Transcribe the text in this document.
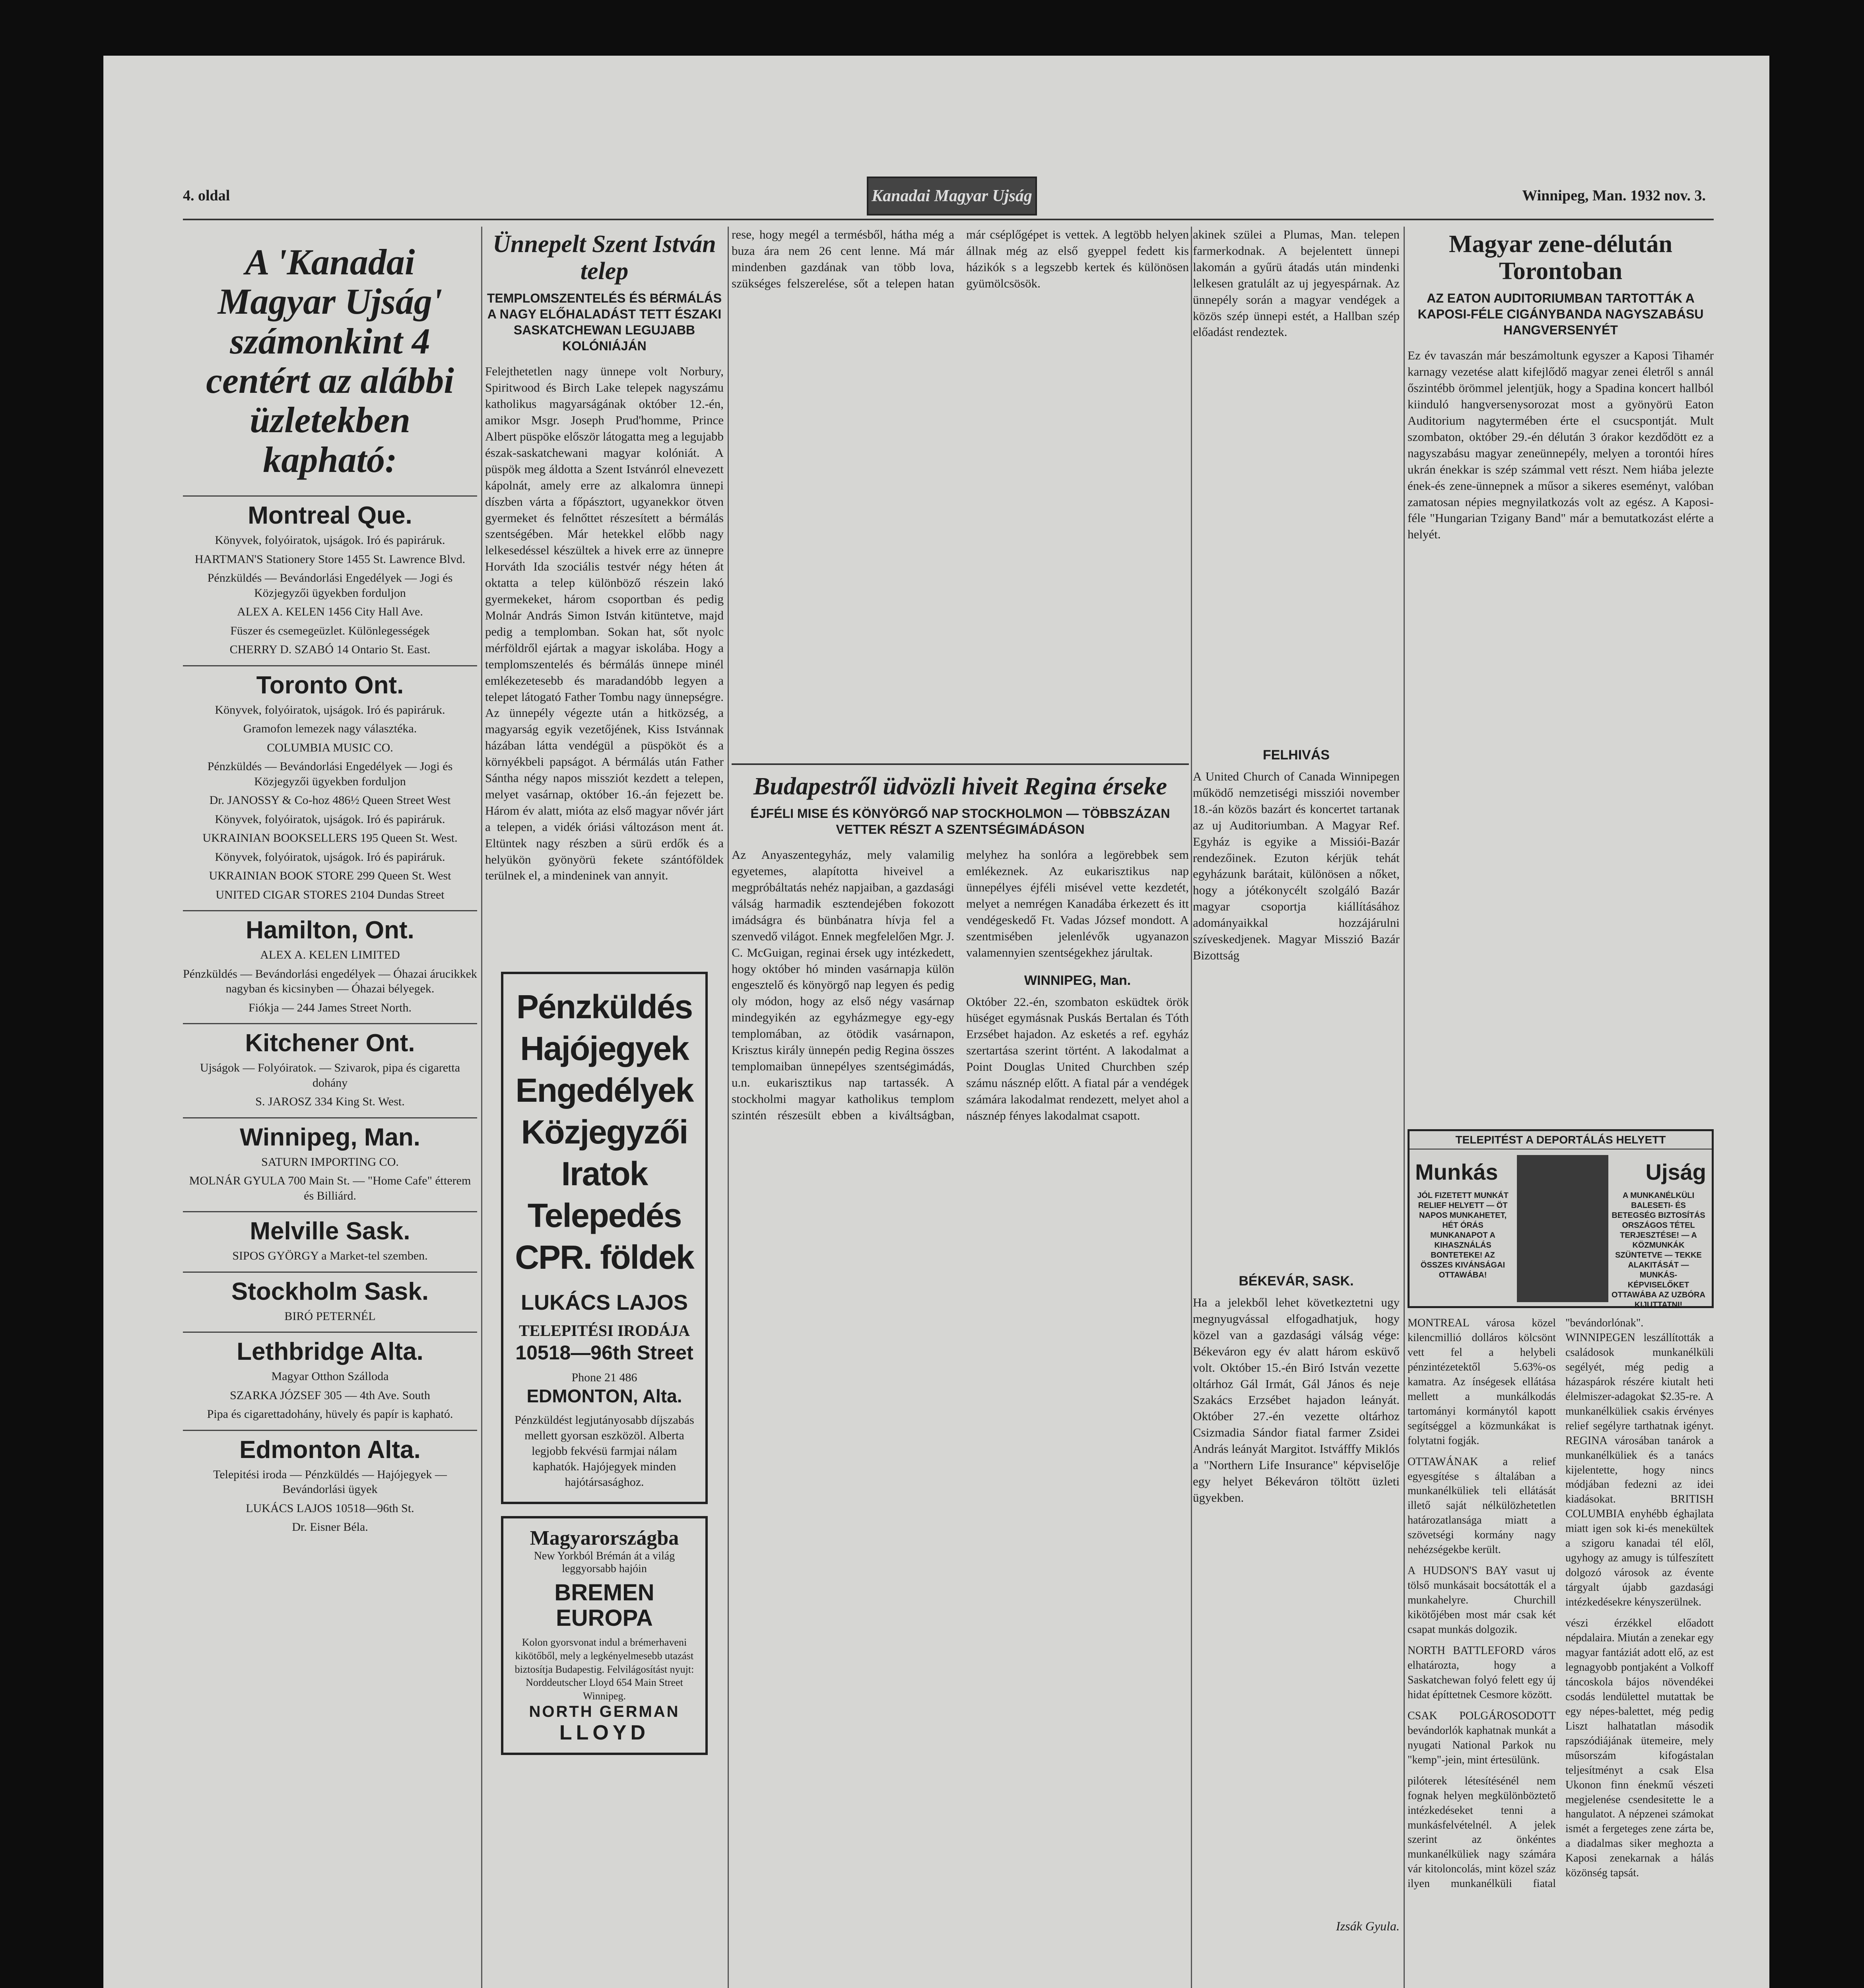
4. oldal	Kanadai Magyar Ujság	Winnipeg, Man. 1932 nov. 3.
A 'Kanadai Magyar Ujság' számonkint 4 centért az alábbi üzletekben kapható:
Montreal Que.
Könyvek, folyóiratok, ujságok. Iró és papiráruk.
HARTMAN'S Stationery Store 1455 St. Lawrence Blvd.
Pénzküldés — Bevándorlási Engedélyek — Jogi és Közjegyzői ügyekben forduljon
ALEX A. KELEN 1456 City Hall Ave.
Füszer és csemegeüzlet. Különlegességek
CHERRY D. SZABÓ 14 Ontario St. East.
Toronto Ont.
Könyvek, folyóiratok, ujságok. Iró és papiráruk.
Gramofon lemezek nagy választéka.
COLUMBIA MUSIC CO.
Pénzküldés — Bevándorlási Engedélyek — Jogi és Közjegyzői ügyekben forduljon
Dr. JANOSSY & Co-hoz 486½ Queen Street West
Könyvek, folyóiratok, ujságok. Iró és papiráruk.
UKRAINIAN BOOKSELLERS 195 Queen St. West.
Könyvek, folyóiratok, ujságok. Iró és papiráruk.
UKRAINIAN BOOK STORE 299 Queen St. West
UNITED CIGAR STORES 2104 Dundas Street
Hamilton, Ont.
ALEX A. KELEN LIMITED
Pénzküldés — Bevándorlási engedélyek — Óhazai árucikkek nagyban és kicsinyben — Óhazai bélyegek.
Fiókja — 244 James Street North.
Kitchener Ont.
Ujságok — Folyóiratok. — Szivarok, pipa és cigaretta dohány
S. JAROSZ 334 King St. West.
Winnipeg, Man.
SATURN IMPORTING CO.
MOLNÁR GYULA 700 Main St. — "Home Cafe" étterem és Billiárd.
Melville Sask.
SIPOS GYÖRGY a Market-tel szemben.
Stockholm Sask.
BIRÓ PETERNÉL
Lethbridge Alta.
Magyar Otthon Szálloda
SZARKA JÓZSEF 305 — 4th Ave. South
Pipa és cigarettadohány, hüvely és papír is kapható.
Edmonton Alta.
Telepitési iroda — Pénzküldés — Hajójegyek — Bevándorlási ügyek
LUKÁCS LAJOS 10518—96th St.
Dr. Eisner Béla.
Ünnepelt Szent István telep
TEMPLOMSZENTELÉS ÉS BÉRMÁLÁS A NAGY ELŐHALADÁST TETT ÉSZAKI SASKATCHEWAN LEGUJABB KOLÓNIÁJÁN
Felejthetetlen nagy ünnepe volt Norbury, Spiritwood és Birch Lake telepek nagyszámu katholikus magyarságának október 12.-én, amikor Msgr. Joseph Prud'homme, Prince Albert püspöke először látogatta meg a legujabb észak-saskatchewani magyar kolóniát. A püspök meg áldotta a Szent Istvánról elnevezett kápolnát, amely erre az alkalomra ünnepi díszben várta a főpásztort, ugyanekkor ötven gyermeket és felnőttet részesített a bérmálás szentségében. Már hetekkel előbb nagy lelkesedéssel készültek a hivek erre az ünnepre Horváth Ida szociális testvér négy héten át oktatta a telep különböző részein lakó gyermekeket, három csoportban és pedig Molnár András Simon István kitüntetve, majd pedig a templomban. Sokan hat, sőt nyolc mérföldről ejártak a magyar iskolába. Hogy a templomszentelés és bérmálás ünnepe minél emlékezetesebb és maradandóbb legyen a telepet látogató Father Tombu nagy ünnepségre. Az ünnepély végezte után a hitközség, a magyarság egyik vezetőjének, Kiss Istvánnak házában látta vendégül a püspököt és a környékbeli papságot. A bérmálás után Father Sántha négy napos missziót kezdett a telepen, melyet vasárnap, október 16.-án fejezett be. Három év alatt, mióta az első magyar nővér járt a telepen, a vidék óriási változáson ment át. Eltüntek nagy részben a sürü erdők és a helyükön gyönyörü fekete szántóföldek terülnek el, a mindeninek van annyit.
Pénzküldés
Hajójegyek
Engedélyek
Közjegyzői
Iratok
Telepedés
CPR. földek
LUKÁCS LAJOS
TELEPITÉSI IRODÁJA
10518—96th Street
Phone 21 486
EDMONTON, Alta.
Pénzküldést legjutányosabb díjszabás mellett gyorsan eszközöl. Alberta legjobb fekvésü farmjai nálam kaphatók. Hajójegyek minden hajótársasághoz.
Magyarországba
New Yorkból Brémán át a világ leggyorsabb hajóin
BREMEN EUROPA
Kolon gyorsvonat indul a brémerhaveni kikötőből, mely a legkényelmesebb utazást biztosítja Budapestig. Felvilágosítást nyujt: Norddeutscher Lloyd 654 Main Street Winnipeg.
NORTH GERMAN
LLOYD
rese, hogy megél a termésből, hátha még a buza ára nem 26 cent lenne. Má már mindenben gazdának van több lova, szükséges felszerelése, sőt a telepen hatan már cséplőgépet is vettek. A legtöbb helyen állnak még az első gyeppel fedett kis házikók s a legszebb kertek és különösen gyümölcsösök.
Budapestről üdvözli hiveit Regina érseke
ÉJFÉLI MISE ÉS KÖNYÖRGŐ NAP STOCKHOLMON — TÖBBSZÁZAN VETTEK RÉSZT A SZENTSÉGIMÁDÁSON
Az Anyaszentegyház, mely valamilig egyetemes, alapította hiveivel a megpróbáltatás nehéz napjaiban, a gazdasági válság harmadik esztendejében fokozott imádságra és bünbánatra hívja fel a szenvedő világot. Ennek megfelelően Mgr. J. C. McGuigan, reginai érsek ugy intézkedett, hogy október hó minden vasárnapja külön engesztelő és könyörgő nap legyen és pedig oly módon, hogy az első négy vasárnap mindegyikén az egyházmegye egy-egy templomában, az ötödik vasárnapon, Krisztus király ünnepén pedig Regina összes templomaiban ünnepélyes szentségimádás, u.n. eukarisztikus nap tartassék. A stockholmi magyar katholikus templom szintén részesült ebben a kiváltságban, melyhez ha sonlóra a legörebbek sem emlékeznek. Az eukarisztikus nap ünnepélyes éjféli misével vette kezdetét, melyet a nemrégen Kanadába érkezett és itt vendégeskedő Ft. Vadas József mondott. A szentmisében jelenlévők ugyanazon valamennyien szentségekhez járultak.
WINNIPEG, Man.
Október 22.-én, szombaton esküdtek örök hüséget egymásnak Puskás Bertalan és Tóth Erzsébet hajadon. Az esketés a ref. egyház szertartása szerint történt. A lakodalmat a Point Douglas United Churchben szép számu násznép előtt. A fiatal pár a vendégek számára lakodalmat rendezett, melyet ahol a násznép fényes lakodalmat csapott.
akinek szülei a Plumas, Man. telepen farmerkodnak. A bejelentett ünnepi lakomán a gyűrü átadás után mindenki lelkesen gratulált az uj jegyespárnak. Az ünnepély során a magyar vendégek a közös szép ünnepi estét, a Hallban szép előadást rendeztek.
FELHIVÁS
A United Church of Canada Winnipegen működő nemzetiségi missziói november 18.-án közös bazárt és koncertet tartanak az uj Auditoriumban. A Magyar Ref. Egyház is egyike a Missiói-Bazár rendezőinek. Ezuton kérjük tehát egyházunk barátait, különösen a nőket, hogy a jótékonycélt szolgáló Bazár magyar csoportja kiállításához adományaikkal hozzájárulni szíveskedjenek. Magyar Misszió Bazár Bizottság
BÉKEVÁR, SASK.
Ha a jelekből lehet következtetni ugy megnyugvással elfogadhatjuk, hogy közel van a gazdasági válság vége: Békeváron egy év alatt három esküvő volt. Október 15.-én Biró István vezette oltárhoz Gál Irmát, Gál János és neje Szakács Erzsébet hajadon leányát. Október 27.-én vezette oltárhoz Csizmadia Sándor fiatal farmer Zsidei András leányát Margitot. Istváfffy Miklós a "Northern Life Insurance" képviselője egy helyet Békeváron töltött üzleti ügyekben.
Izsák Gyula.
Magyar zene-délután Torontoban
AZ EATON AUDITORIUMBAN TARTOTTÁK A KAPOSI-FÉLE CIGÁNYBANDA NAGYSZABÁSU HANGVERSENYÉT
Ez év tavaszán már beszámoltunk egyszer a Kaposi Tihamér karnagy vezetése alatt kifejlődő magyar zenei életről s annál őszintébb örömmel jelentjük, hogy a Spadina koncert hallból kiinduló hangversenysorozat most a gyönyörü Eaton Auditorium nagytermében érte el csucspontját. Mult szombaton, október 29.-én délután 3 órakor kezdődött ez a nagyszabásu magyar zeneünnepély, melyen a torontói híres ukrán énekkar is szép számmal vett részt. Nem hiába jelezte ének-és zene-ünnepnek a műsor a sikeres eseményt, valóban zamatosan népies megnyilatkozás volt az egész. A Kaposi-féle "Hungarian Tzigany Band" már a bemutatkozást elérte a helyét.
TELEPITÉST A DEPORTÁLÁS HELYETT
Munkás	Ujság
JÓL FIZETETT MUNKÁT RELIEF HELYETT — ÖT NAPOS MUNKAHETET, HÉT ÓRÁS MUNKANAPOT A KIHASZNÁLÁS BONTETEKE! AZ ÖSSZES KIVÁNSÁGAI OTTAWÁBA!
A MUNKANÉLKÜLI BALESETI- ÉS BETEGSÉG BIZTOSÍTÁS ORSZÁGOS TÉTEL TERJESZTÉSE! — A KÖZMUNKÁK SZÜNTETVE — TEKKE ALAKITÁSÁT — MUNKÁS-KÉPVISELŐKET OTTAWÁBA AZ UZBÓRA KIJUTTATNI!
MONTREAL városa közel kilencmillió dolláros kölcsönt vett fel a helybeli pénzintézetektől 5.63%-os kamatra. Az ínségesek ellátása mellett a munkálkodás tartományi kormánytól kapott segítséggel a közmunkákat is folytatni fogják.
OTTAWÁNAK a relief egyesgítése s általában a munkanélküliek teli ellátását illető saját nélkülözhetetlen határozatlansága miatt a szövetségi kormány nagy nehézségekbe került.
A HUDSON'S BAY vasut uj tölső munkásait bocsátották el a munkahelyre. Churchill kikötőjében most már csak két csapat munkás dolgozik.
NORTH BATTLEFORD város elhatározta, hogy a Saskatchewan folyó felett egy új hidat építtetnek Cesmore között.
CSAK POLGÁROSODOTT bevándorlók kaphatnak munkát a nyugati National Parkok nu "kemp"-jein, mint értesülünk.
pilóterek létesítésénél nem fognak helyen megkülönböztető intézkedéseket tenni a munkásfelvételnél. A jelek szerint az önkéntes munkanélküliek nagy számára vár kitoloncolás, mint közel száz ilyen munkanélküli fiatal "bevándorlónak". WINNIPEGEN leszállították a családosok munkanélküli segélyét, még pedig a házaspárok részére kiutalt heti élelmiszer-adagokat $2.35-re. A munkanélküliek csakis érvényes relief segélyre tarthatnak igényt. REGINA városában tanárok a munkanélküliek és a tanács kijelentette, hogy nincs módjában fedezni az idei kiadásokat. BRITISH COLUMBIA enyhébb éghajlata miatt igen sok ki-és menekültek a szigoru kanadai tél elől, ugyhogy az amugy is túlfeszített dolgozó városok az évente tárgyalt újabb gazdasági intézkedésekre kényszerülnek.
vészi érzékkel előadott népdalaira. Miután a zenekar egy magyar fantáziát adott elő, az est legnagyobb pontjaként a Volkoff táncoskola bájos növendékei csodás lendülettel mutattak be egy népes-balettet, még pedig Liszt halhatatlan második rapszódiájának ütemeire, mely műsorszám kifogástalan teljesítményt a csak Elsa Ukonon finn énekmű vészeti megjelenése csendesitette le a hangulatot. A népzenei számokat ismét a fergeteges zene zárta be, a diadalmas siker meghozta a Kaposi zenekarnak a hálás közönség tapsát.
